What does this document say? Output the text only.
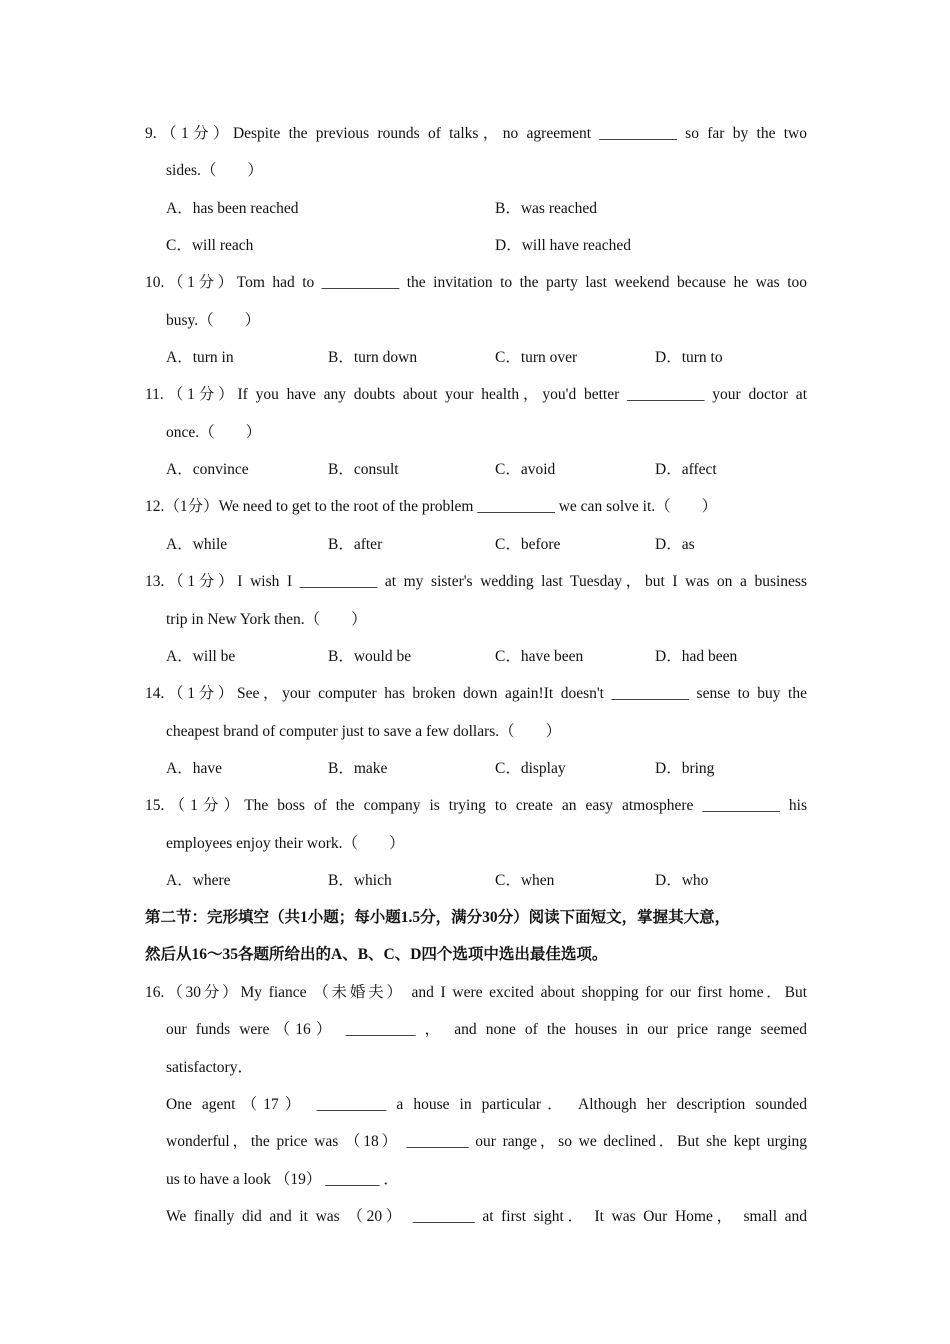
9.（1分）Despite the previous rounds of talks，no agreement __________ so far by the two
sides.（　　）
A．has been reached	B．was reached
C．will reach	D．will have reached
10.（1分）Tom had to __________ the invitation to the party last weekend because he was too
busy.（　　）
A．turn in	B．turn down	C．turn over	D．turn to
11.（1分）If you have any doubts about your health，you'd better __________ your doctor at
once.（　　）
A．convince	B．consult	C．avoid	D．affect
12.（1分）We need to get to the root of the problem __________ we can solve it.（　　）
A．while	B．after	C．before	D．as
13.（1分）I wish I __________ at my sister's wedding last Tuesday，but I was on a business
trip in New York then.（　　）
A．will be	B．would be	C．have been	D．had been
14.（1分）See，your computer has broken down again!It doesn't __________ sense to buy the
cheapest brand of computer just to save a few dollars.（　　）
A．have	B．make	C．display	D．bring
15.（1分）The boss of the company is trying to create an easy atmosphere __________ his
employees enjoy their work.（　　）
A．where	B．which	C．when	D．who
第二节：完形填空（共1小题；每小题1.5分，满分30分）阅读下面短文，掌握其大意，
然后从16～35各题所给出的A、B、C、D四个选项中选出最佳选项。
16.（30分）My fiance （未婚夫） and I were excited about shopping for our first home．But
our funds were（16） _________ ， and none of the houses in our price range seemed
satisfactory．
One agent（17） _________ a house in particular． Although her description sounded
wonderful，the price was （18） ________ our range，so we declined．But she kept urging
us to have a look （19） _______ ．
We finally did and it was （20） ________ at first sight． It was Our Home， small and
